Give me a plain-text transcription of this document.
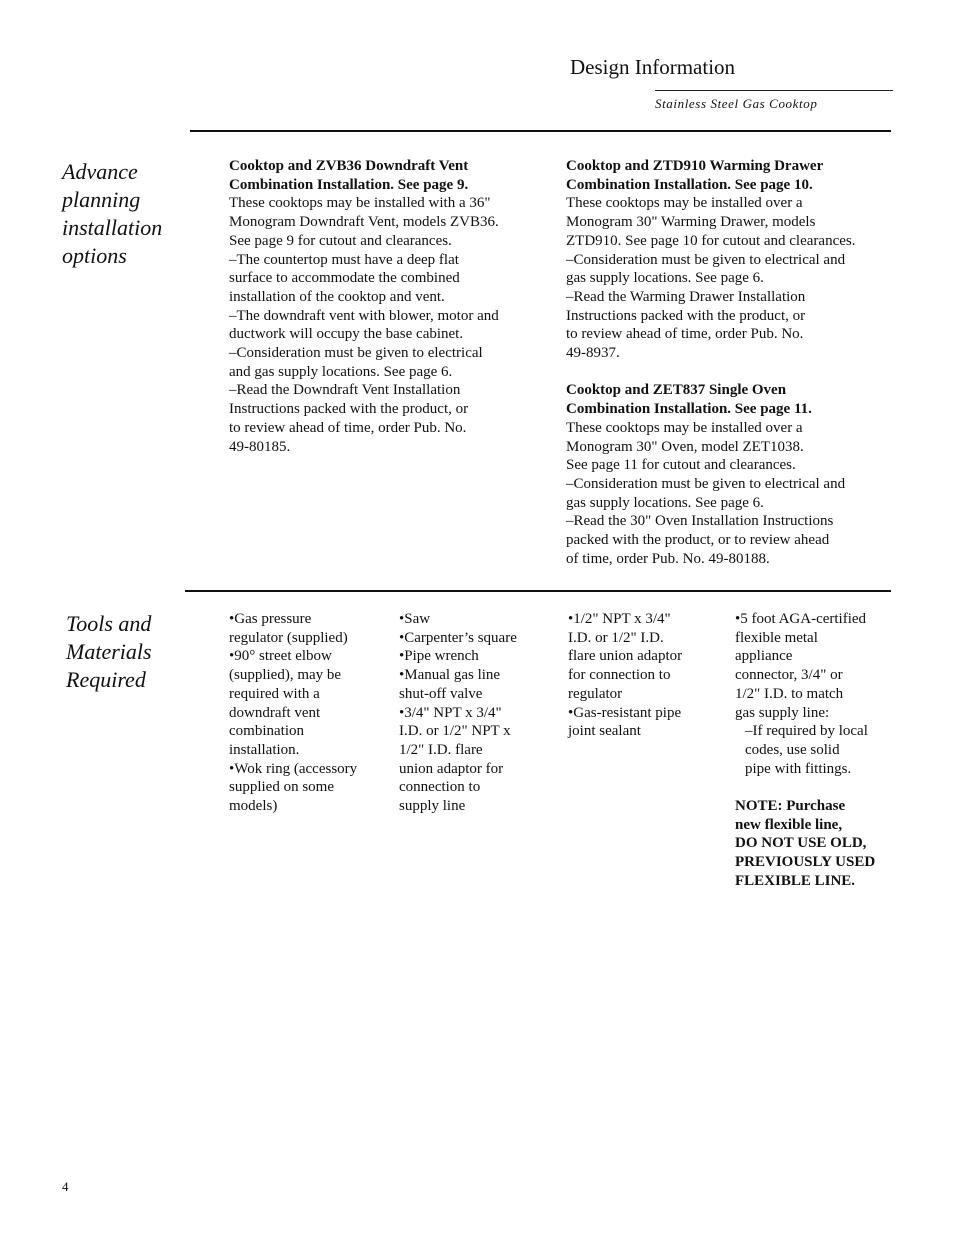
Design Information
Stainless Steel Gas Cooktop
Advance
planning
installation
options

Cooktop and ZVB36 Downdraft Vent

Combination Installation. See page 9.

These cooktops may be installed with a 36"

Monogram Downdraft Vent, models ZVB36.

See page 9 for cutout and clearances.

–The countertop must have a deep flat

surface to accommodate the combined

installation of the cooktop and vent.

–The downdraft vent with blower, motor and

ductwork will occupy the base cabinet.

–Consideration must be given to electrical

and gas supply locations. See page 6.

–Read the Downdraft Vent Installation

Instructions packed with the product, or

to review ahead of time, order Pub. No.

49-80185.

Cooktop and ZTD910 Warming Drawer

Combination Installation. See page 10.

These cooktops may be installed over a

Monogram 30" Warming Drawer, models

ZTD910. See page 10 for cutout and clearances.

–Consideration must be given to electrical and

gas supply locations. See page 6.

–Read the Warming Drawer Installation

Instructions packed with the product, or

to review ahead of time, order Pub. No.

49-8937.

Cooktop and ZET837 Single Oven

Combination Installation. See page 11.

These cooktops may be installed over a

Monogram 30" Oven, model ZET1038.

See page 11 for cutout and clearances.

–Consideration must be given to electrical and

gas supply locations. See page 6.

–Read the 30" Oven Installation Instructions

packed with the product, or to review ahead

of time, order Pub. No. 49-80188.

Tools and
Materials
Required

•Gas pressure

regulator (supplied)

•90° street elbow

(supplied), may be

required with a

downdraft vent

combination

installation.

•Wok ring (accessory

supplied on some

models)

•Saw

•Carpenter’s square

•Pipe wrench

•Manual gas line

shut-off valve

•3/4" NPT x 3/4"

I.D. or 1/2" NPT x

1/2" I.D. flare

union adaptor for

connection to

supply line

•1/2" NPT x 3/4"

I.D. or 1/2" I.D.

flare union adaptor

for connection to

regulator

•Gas-resistant pipe

joint sealant

•5 foot AGA-certified

flexible metal

appliance

connector, 3/4" or

1/2" I.D. to match

gas supply line:

–If required by local

codes, use solid

pipe with fittings.

NOTE: Purchase

new flexible line,

DO NOT USE OLD,

PREVIOUSLY USED

FLEXIBLE LINE.

4
